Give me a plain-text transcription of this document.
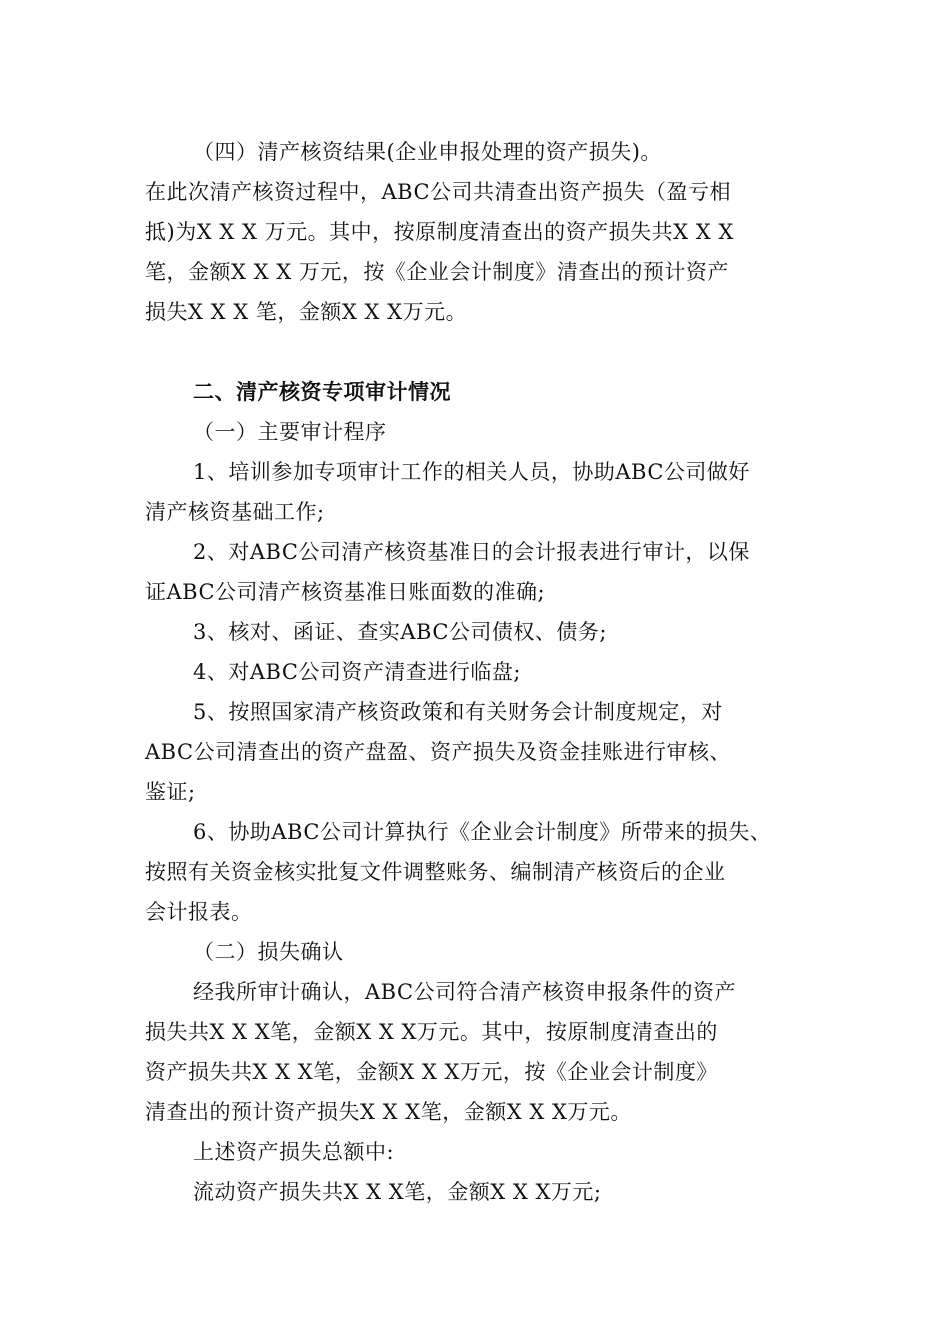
（四）清产核资结果(企业申报处理的资产损失)。
在此次清产核资过程中，ABC公司共清查出资产损失（盈亏相
抵)为X X X 万元。其中，按原制度清查出的资产损失共X X X
笔，金额X X X 万元，按《企业会计制度》清查出的预计资产
损失X X X 笔，金额X X X万元。
二、清产核资专项审计情况
（一）主要审计程序
1、培训参加专项审计工作的相关人员，协助ABC公司做好
清产核资基础工作;
2、对ABC公司清产核资基准日的会计报表进行审计，以保
证ABC公司清产核资基准日账面数的准确;
3、核对、函证、查实ABC公司债权、债务;
4、对ABC公司资产清查进行临盘;
5、按照国家清产核资政策和有关财务会计制度规定，对
ABC公司清查出的资产盘盈、资产损失及资金挂账进行审核、
鉴证;
6、协助ABC公司计算执行《企业会计制度》所带来的损失、
按照有关资金核实批复文件调整账务、编制清产核资后的企业
会计报表。
（二）损失确认
经我所审计确认，ABC公司符合清产核资申报条件的资产
损失共X X X笔，金额X X X万元。其中，按原制度清查出的
资产损失共X X X笔，金额X X X万元，按《企业会计制度》
清查出的预计资产损失X X X笔，金额X X X万元。
上述资产损失总额中:
流动资产损失共X X X笔，金额X X X万元;
